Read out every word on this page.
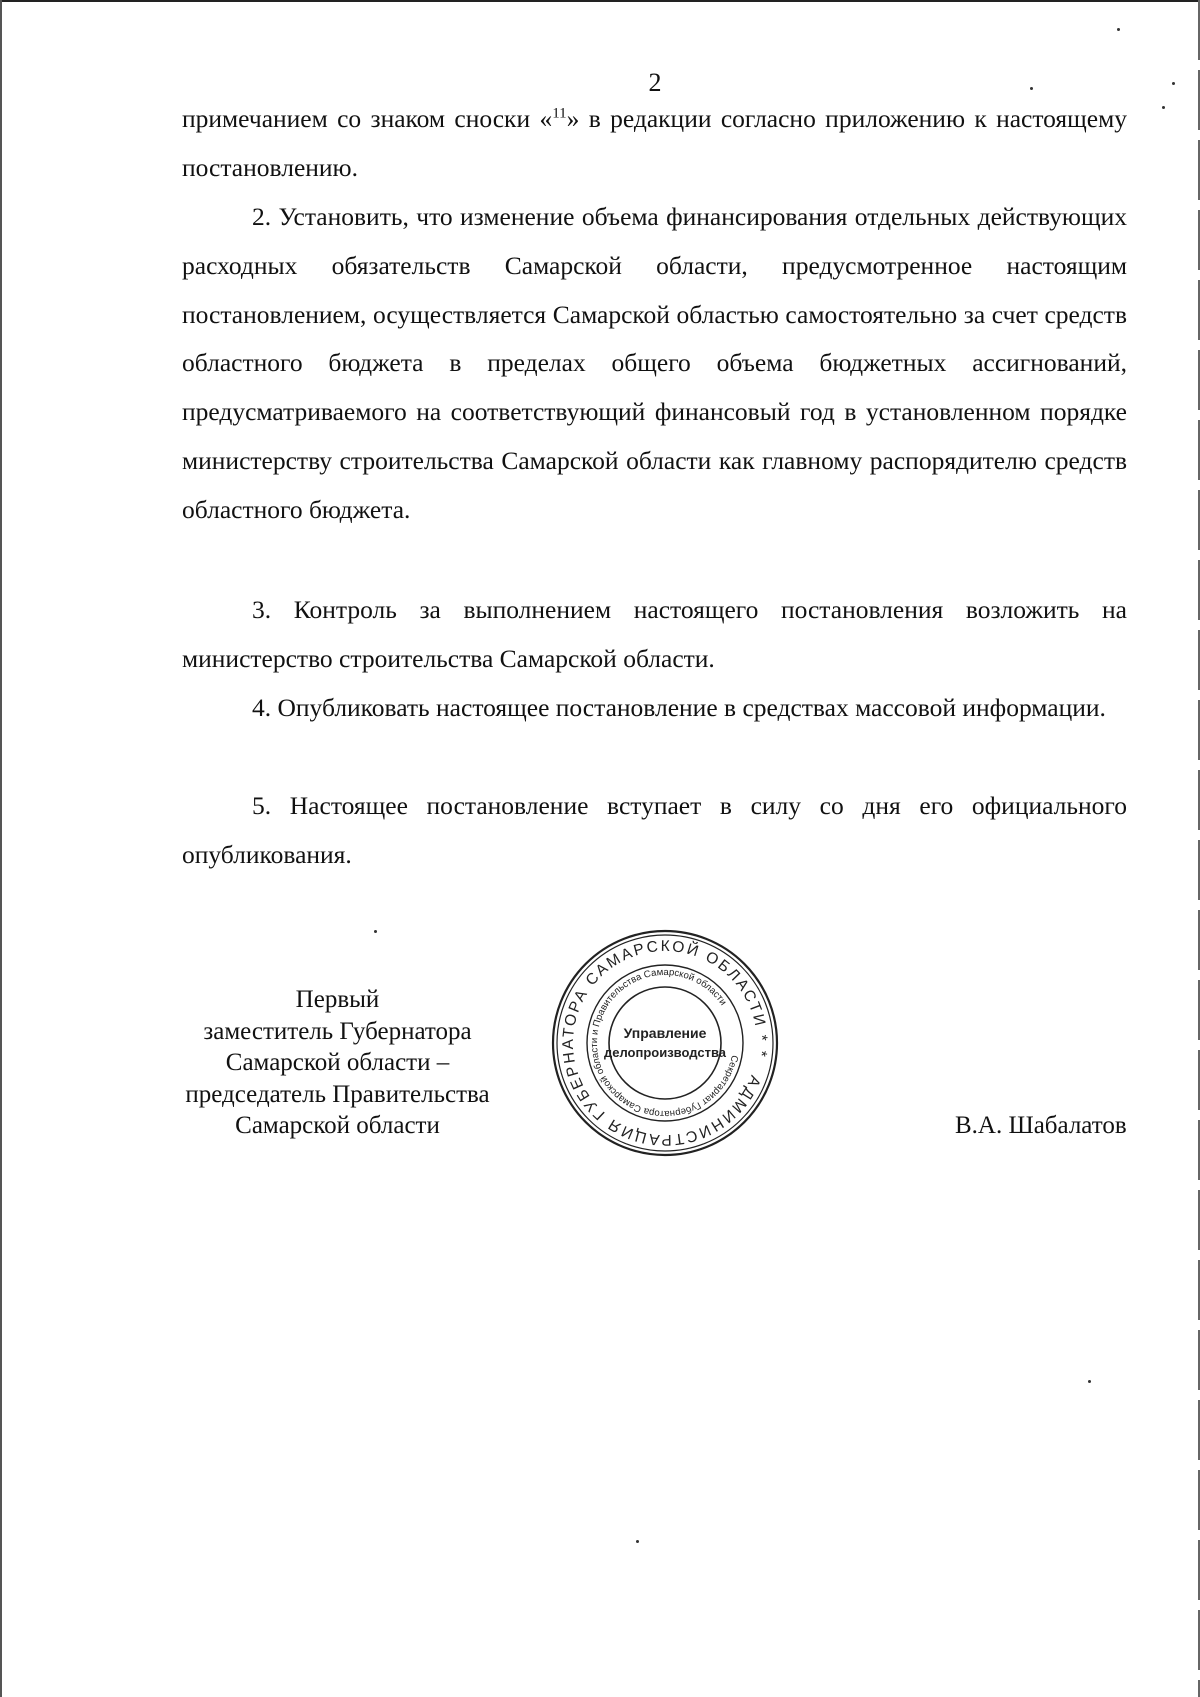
2

примечанием со знаком сноски «$^{11}$» в редакции согласно приложению к настоящему постановлению.

2. Установить, что изменение объема финансирования отдельных действующих расходных обязательств Самарской области, предусмотренное настоящим постановлением, осуществляется Самарской областью самостоятельно за счет средств областного бюджета в пределах общего объема бюджетных ассигнований, предусматриваемого на соответствующий финансовый год в установленном порядке министерству строительства Самарской области как главному распорядителю средств областного бюджета.

3. Контроль за выполнением настоящего постановления возложить на министерство строительства Самарской области.

4. Опубликовать настоящее постановление в средствах массовой информации.

5. Настоящее постановление вступает в силу со дня его официального опубликования.

Первый
заместитель Губернатора
Самарской области –
председатель Правительства
Самарской области
АДМИНИСТРАЦИЯ ГУБЕРНАТОРА САМАРСКОЙ ОБЛАСТИ * *
Секретариат Губернатора Самарской области и Правительства Самарской области
Управление
делопроизводства
В.А. Шабалатов
